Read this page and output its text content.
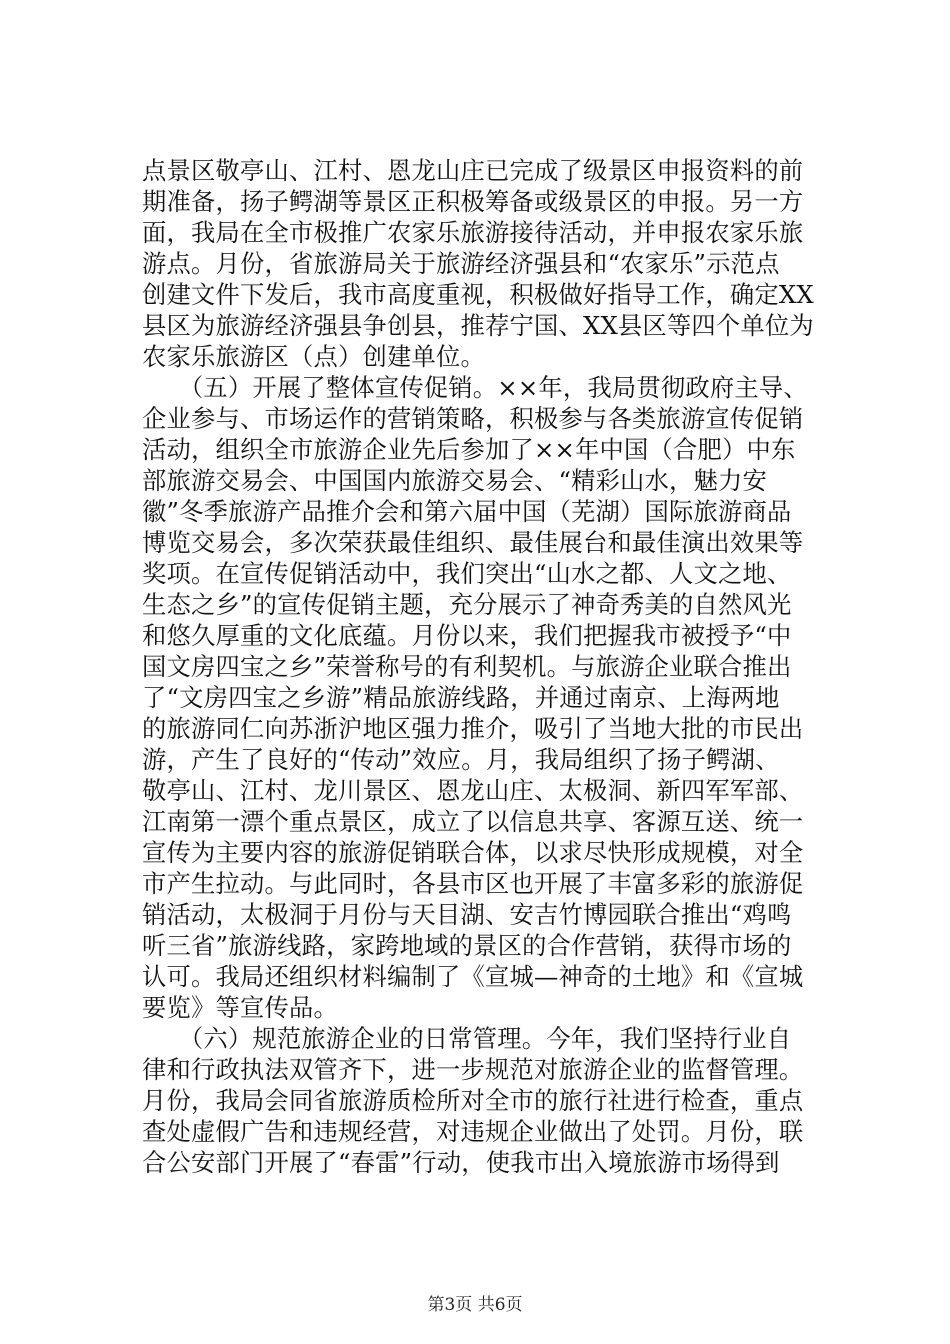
点景区敬亭山、江村、恩龙山庄已完成了级景区申报资料的前
期准备，扬子鳄湖等景区正积极筹备或级景区的申报。另一方
面，我局在全市极推广农家乐旅游接待活动，并申报农家乐旅
游点。月份，省旅游局关于旅游经济强县和“农家乐”示范点
创建文件下发后，我市高度重视，积极做好指导工作，确定XX
县区为旅游经济强县争创县，推荐宁国、XX县区等四个单位为
农家乐旅游区（点）创建单位。
　　（五）开展了整体宣传促销。××年，我局贯彻政府主导、
企业参与、市场运作的营销策略，积极参与各类旅游宣传促销
活动，组织全市旅游企业先后参加了××年中国（合肥）中东
部旅游交易会、中国国内旅游交易会、“精彩山水，魅力安
徽”冬季旅游产品推介会和第六届中国（芜湖）国际旅游商品
博览交易会，多次荣获最佳组织、最佳展台和最佳演出效果等
奖项。在宣传促销活动中，我们突出“山水之都、人文之地、
生态之乡”的宣传促销主题，充分展示了神奇秀美的自然风光
和悠久厚重的文化底蕴。月份以来，我们把握我市被授予“中
国文房四宝之乡”荣誉称号的有利契机。与旅游企业联合推出
了“文房四宝之乡游”精品旅游线路，并通过南京、上海两地
的旅游同仁向苏浙沪地区强力推介，吸引了当地大批的市民出
游，产生了良好的“传动”效应。月，我局组织了扬子鳄湖、
敬亭山、江村、龙川景区、恩龙山庄、太极洞、新四军军部、
江南第一漂个重点景区，成立了以信息共享、客源互送、统一
宣传为主要内容的旅游促销联合体，以求尽快形成规模，对全
市产生拉动。与此同时，各县市区也开展了丰富多彩的旅游促
销活动，太极洞于月份与天目湖、安吉竹博园联合推出“鸡鸣
听三省”旅游线路，家跨地域的景区的合作营销，获得市场的
认可。我局还组织材料编制了《宣城—神奇的土地》和《宣城
要览》等宣传品。
　　（六）规范旅游企业的日常管理。今年，我们坚持行业自
律和行政执法双管齐下，进一步规范对旅游企业的监督管理。
月份，我局会同省旅游质检所对全市的旅行社进行检查，重点
查处虚假广告和违规经营，对违规企业做出了处罚。月份，联
合公安部门开展了“春雷”行动，使我市出入境旅游市场得到
第3页 共6页
